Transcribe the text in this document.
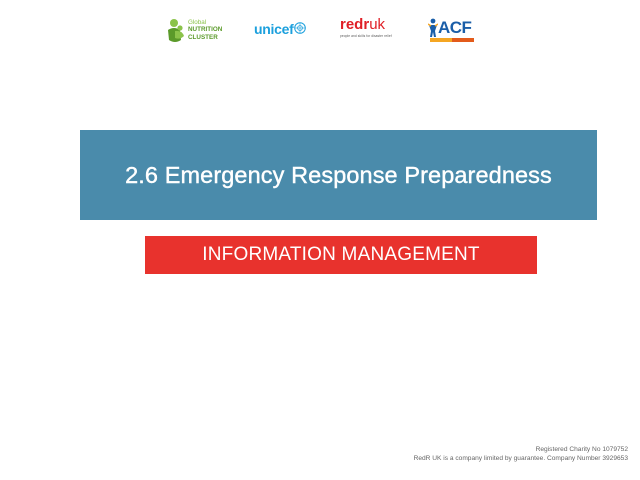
Global
NUTRITION
CLUSTER
unicef	redruk
people and skills for disaster relief	ACF
2.6 Emergency Response Preparedness
INFORMATION MANAGEMENT
Registered Charity No 1079752
RedR UK is a company limited by guarantee. Company Number 3929653
